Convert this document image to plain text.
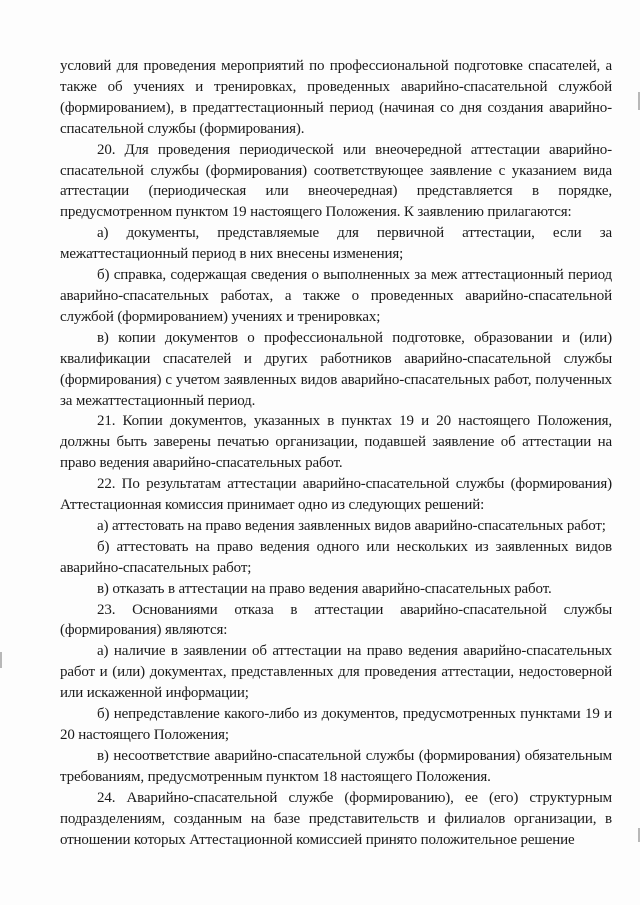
условий для проведения мероприятий по профессиональной подготовке спасателей, а также об учениях и тренировках, проведенных аварийно-спасательной службой (формированием), в предаттестационный период (начиная со дня создания аварийно-спасательной службы (формирования).

20. Для проведения периодической или внеочередной аттестации аварийно-спасательной службы (формирования) соответствующее заявление с указанием вида аттестации (периодическая или внеочередная) представляется в порядке, предусмотренном пунктом 19 настоящего Положения. К заявлению прилагаются:

а) документы, представляемые для первичной аттестации, если за межаттестационный период в них внесены изменения;

б) справка, содержащая сведения о выполненных за меж аттестационный период аварийно-спасательных работах, а также о проведенных аварийно-спасательной службой (формированием) учениях и тренировках;

в) копии документов о профессиональной подготовке, образовании и (или) квалификации спасателей и других работников аварийно-спасательной службы (формирования) с учетом заявленных видов аварийно-спасательных работ, полученных за межаттестационный период.

21. Копии документов, указанных в пунктах 19 и 20 настоящего Положения, должны быть заверены печатью организации, подавшей заявление об аттестации на право ведения аварийно-спасательных работ.

22. По результатам аттестации аварийно-спасательной службы (формирования) Аттестационная комиссия принимает одно из следующих решений:

а) аттестовать на право ведения заявленных видов аварийно-спасательных работ;

б) аттестовать на право ведения одного или нескольких из заявленных видов аварийно-спасательных работ;

в) отказать в аттестации на право ведения аварийно-спасательных работ.

23. Основаниями отказа в аттестации аварийно-спасательной службы (формирования) являются:

а) наличие в заявлении об аттестации на право ведения аварийно-спасательных работ и (или) документах, представленных для проведения аттестации, недостоверной или искаженной информации;

б) непредставление какого-либо из документов, предусмотренных пунктами 19 и 20 настоящего Положения;

в) несоответствие аварийно-спасательной службы (формирования) обязательным требованиям, предусмотренным пунктом 18 настоящего Положения.

24. Аварийно-спасательной службе (формированию), ее (его) структурным подразделениям, созданным на базе представительств и филиалов организации, в отношении которых Аттестационной комиссией принято положительное решение
